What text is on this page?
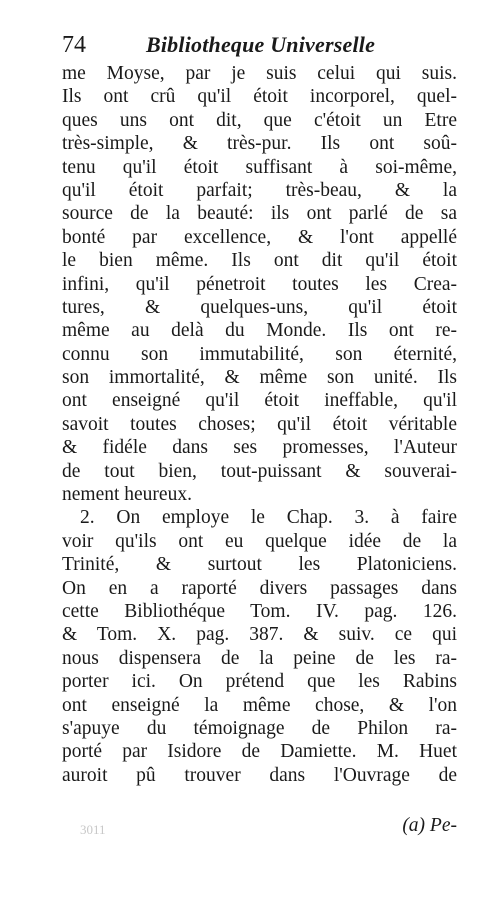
74	Bibliotheque Universelle
me Moyse, par je suis celui qui suis.
Ils ont crû qu'il étoit incorporel, quel-
ques uns ont dit, que c'étoit un Etre
très-simple, & très-pur. Ils ont soû-
tenu qu'il étoit suffisant à soi-même,
qu'il étoit parfait; très-beau, & la
source de la beauté: ils ont parlé de sa
bonté par excellence, & l'ont appellé
le bien même. Ils ont dit qu'il étoit
infini, qu'il pénetroit toutes les Crea-
tures, & quelques-uns, qu'il étoit
même au delà du Monde. Ils ont re-
connu son immutabilité, son éternité,
son immortalité, & même son unité. Ils
ont enseigné qu'il étoit ineffable, qu'il
savoit toutes choses; qu'il étoit véritable
& fidéle dans ses promesses, l'Auteur
de tout bien, tout-puissant & souverai-
nement heureux.
2. On employe le Chap. 3. à faire
voir qu'ils ont eu quelque idée de la
Trinité, & surtout les Platoniciens.
On en a raporté divers passages dans
cette Bibliothéque Tom. IV. pag. 126.
& Tom. X. pag. 387. & suiv. ce qui
nous dispensera de la peine de les ra-
porter ici. On prétend que les Rabins
ont enseigné la même chose, & l'on
s'apuye du témoignage de Philon ra-
porté par Isidore de Damiette. M. Huet
auroit pû trouver dans l'Ouvrage de
3011	(a) Pe-
